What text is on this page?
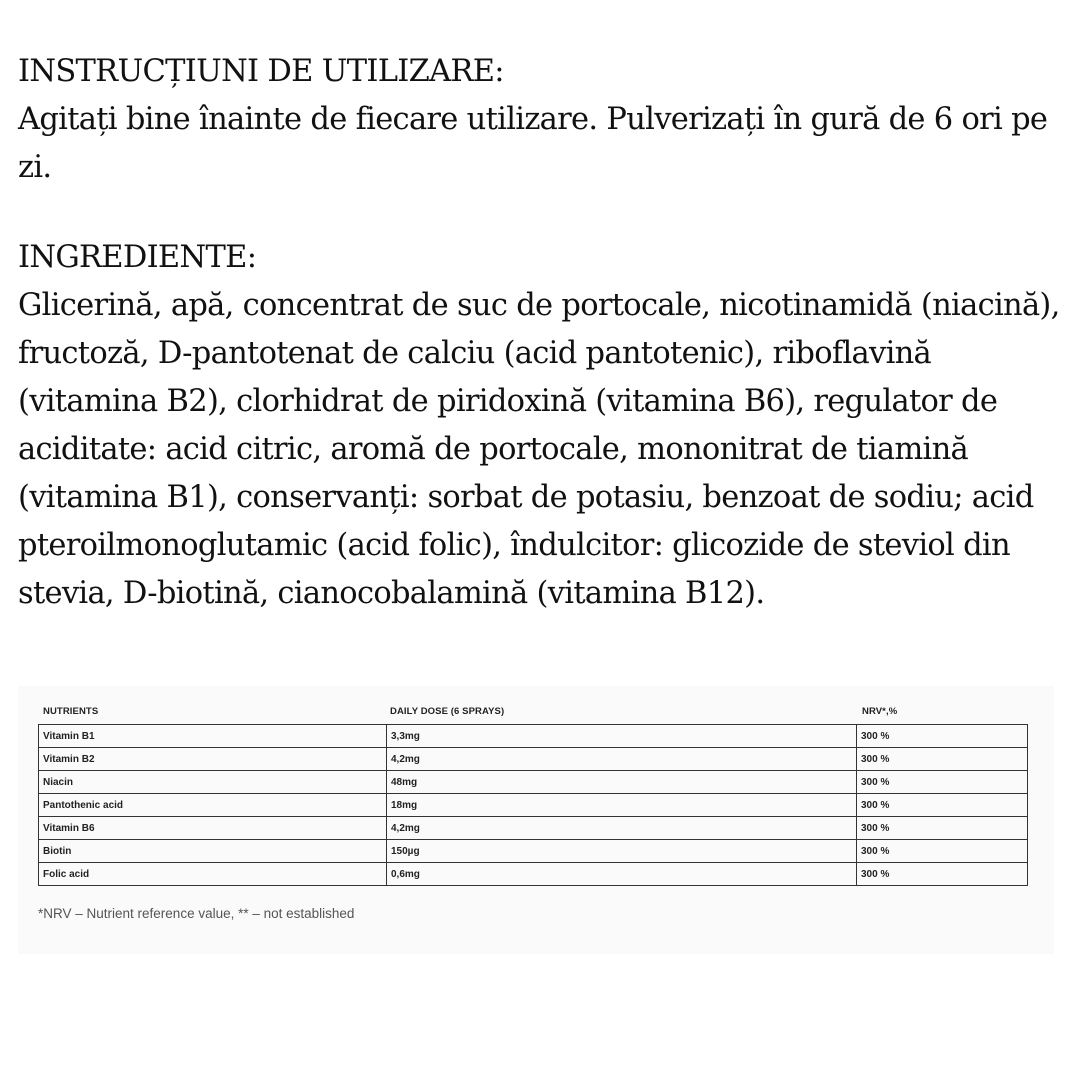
INSTRUCȚIUNI DE UTILIZARE:
Agitați bine înainte de fiecare utilizare. Pulverizați în gură de 6 ori pe zi.
INGREDIENTE:
Glicerină, apă, concentrat de suc de portocale, nicotinamidă (niacină), fructoză, D-pantotenat de calciu (acid pantotenic), riboflavină (vitamina B2), clorhidrat de piridoxină (vitamina B6), regulator de aciditate: acid citric, aromă de portocale, mononitrat de tiamină (vitamina B1), conservanți: sorbat de potasiu, benzoat de sodiu; acid pteroilmonoglutamic (acid folic), îndulcitor: glicozide de steviol din stevia, D-biotină, cianocobalamină (vitamina B12).
NUTRIENTS	DAILY DOSE (6 SPRAYS)	NRV*,%
Vitamin B1	3,3mg	300 %
Vitamin B2	4,2mg	300 %
Niacin	48mg	300 %
Pantothenic acid	18mg	300 %
Vitamin B6	4,2mg	300 %
Biotin	150µg	300 %
Folic acid	0,6mg	300 %
*NRV – Nutrient reference value, ** – not established
